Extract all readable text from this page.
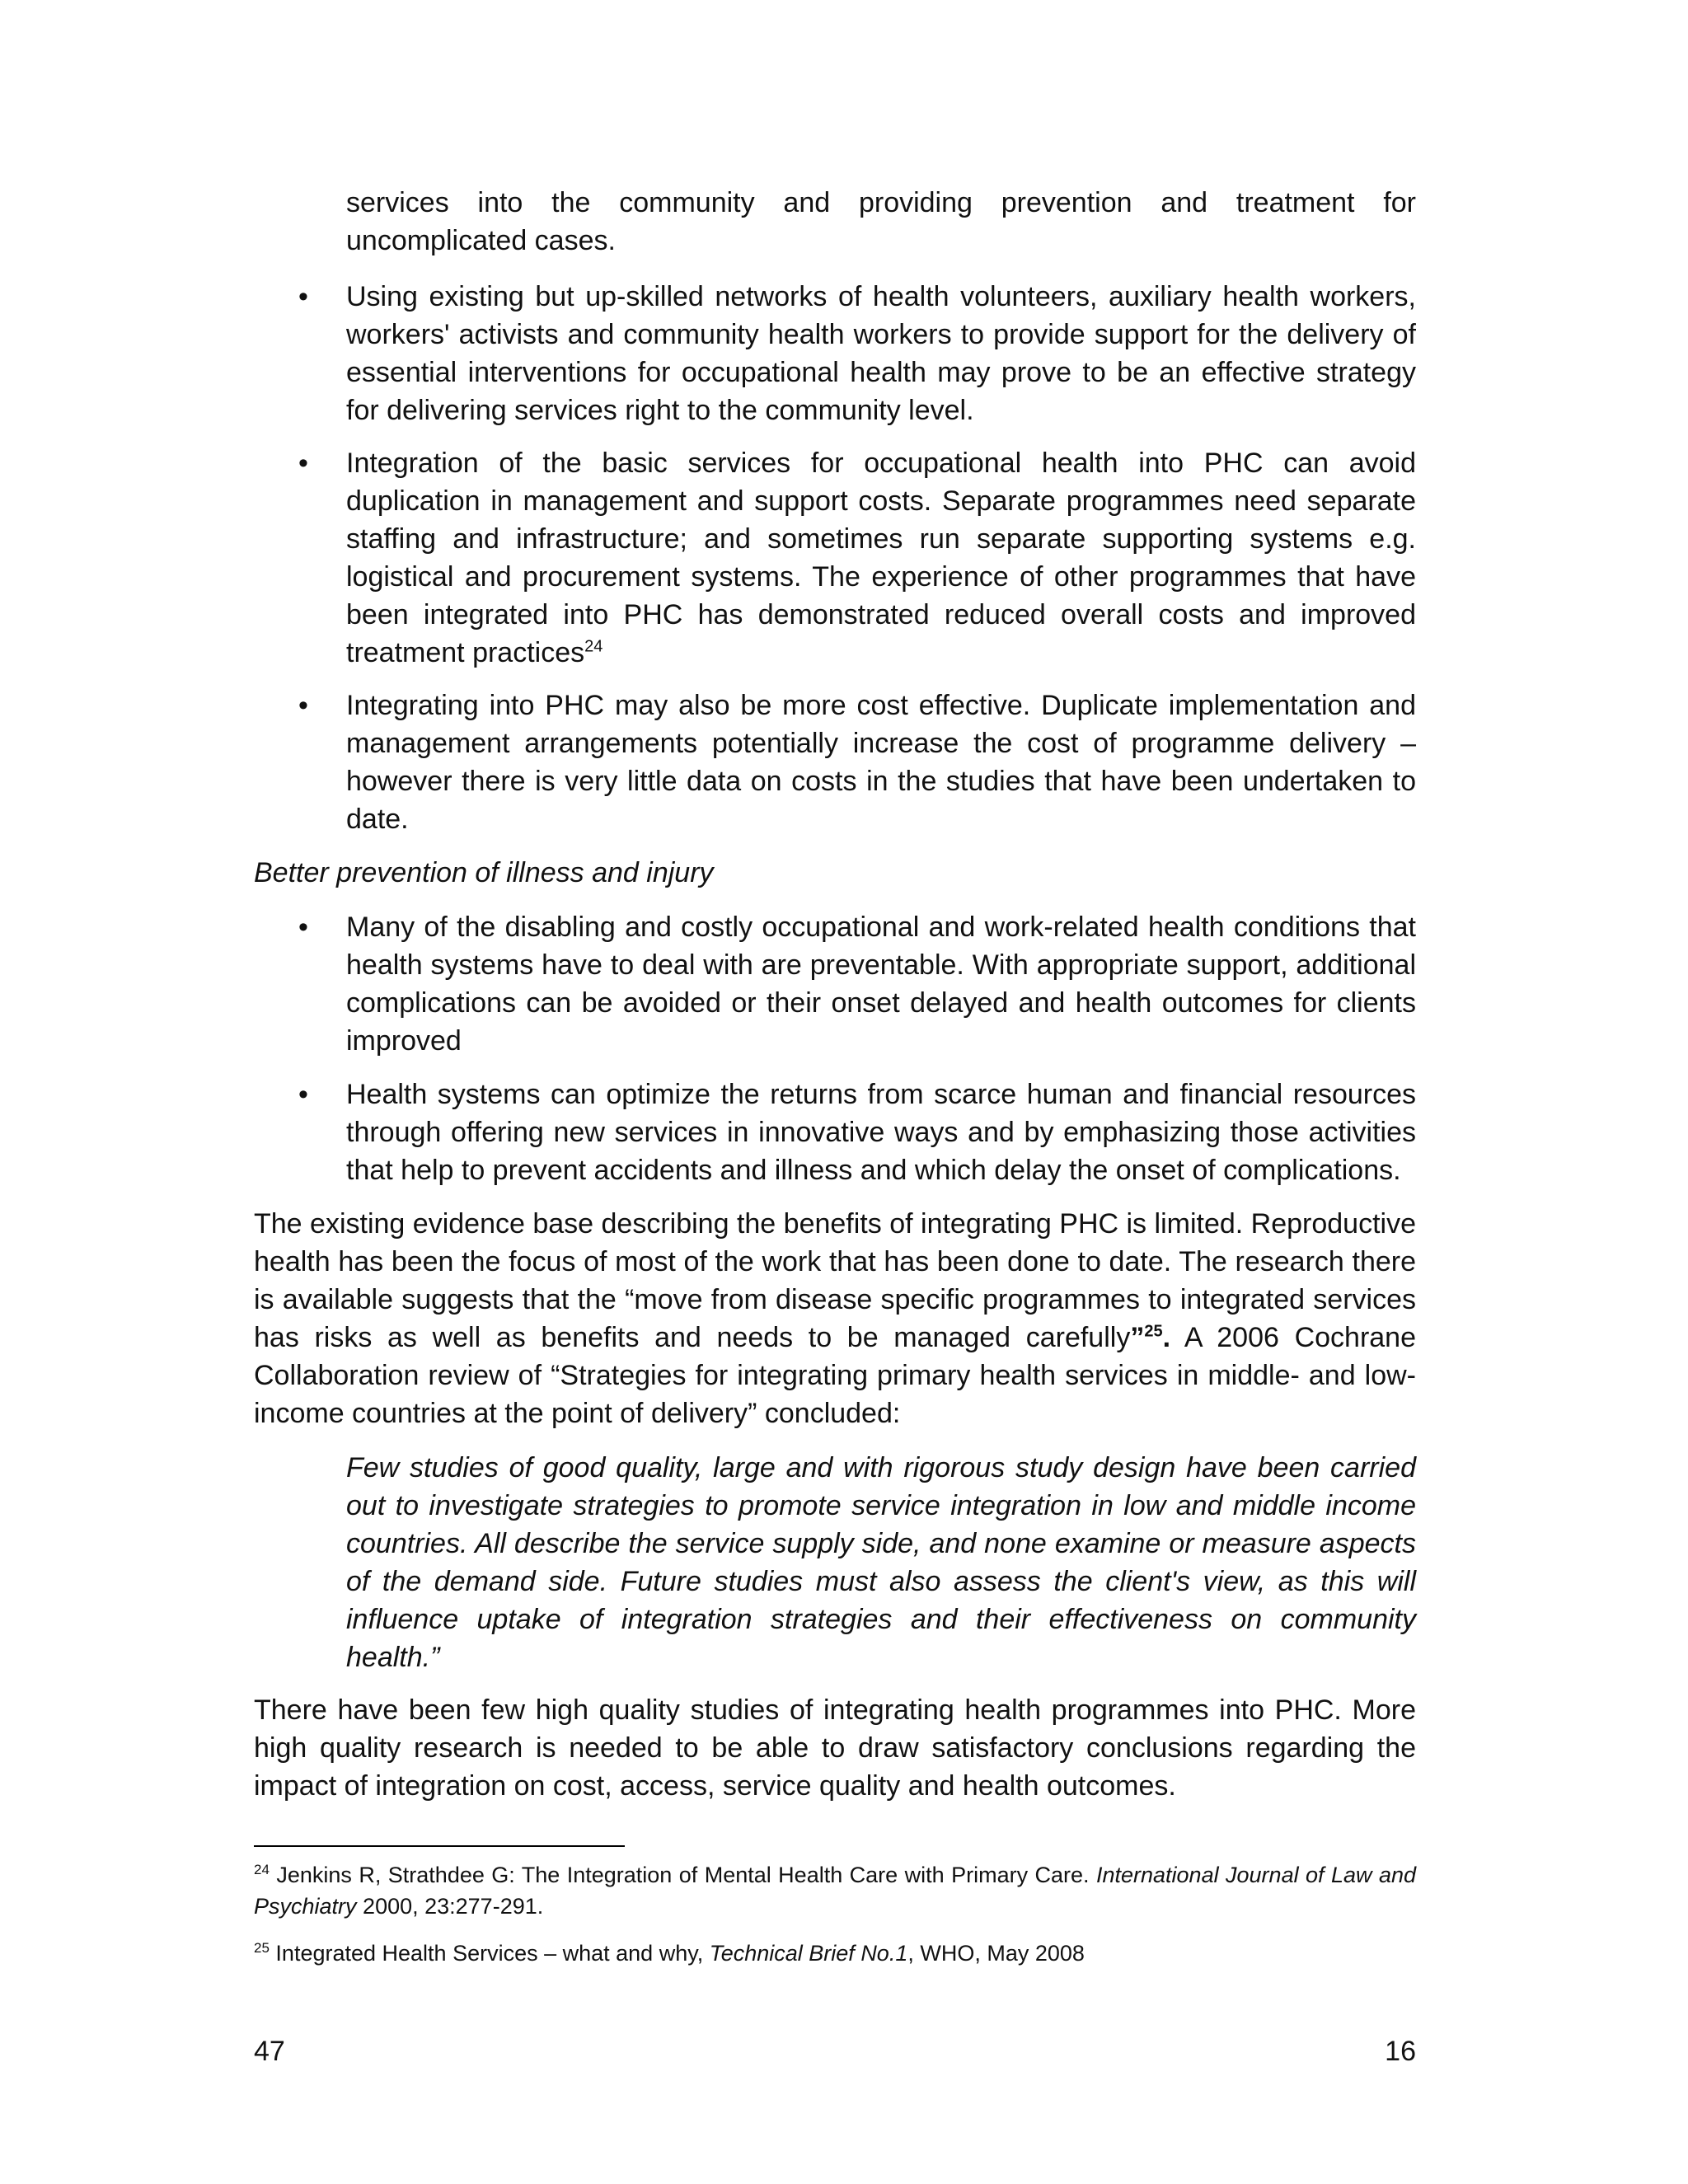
services into the community and providing prevention and treatment for uncomplicated cases.

• Using existing but up-skilled networks of health volunteers, auxiliary health workers, workers' activists and community health workers to provide support for the delivery of essential interventions for occupational health may prove to be an effective strategy for delivering services right to the community level.
• Integration of the basic services for occupational health into PHC can avoid duplication in management and support costs. Separate programmes need separate staffing and infrastructure; and sometimes run separate supporting systems e.g. logistical and procurement systems. The experience of other programmes that have been integrated into PHC has demonstrated reduced overall costs and improved treatment practices$^{24}$
• Integrating into PHC may also be more cost effective. Duplicate implementation and management arrangements potentially increase the cost of programme delivery – however there is very little data on costs in the studies that have been undertaken to date.

Better prevention of illness and injury

• Many of the disabling and costly occupational and work-related health conditions that health systems have to deal with are preventable. With appropriate support, additional complications can be avoided or their onset delayed and health outcomes for clients improved
• Health systems can optimize the returns from scarce human and financial resources through offering new services in innovative ways and by emphasizing those activities that help to prevent accidents and illness and which delay the onset of complications.

The existing evidence base describing the benefits of integrating PHC is limited. Reproductive health has been the focus of most of the work that has been done to date. The research there is available suggests that the “move from disease specific programmes to integrated services has risks as well as benefits and needs to be managed carefully”$^{25}$. A 2006 Cochrane Collaboration review of “Strategies for integrating primary health services in middle- and low-income countries at the point of delivery” concluded:

Few studies of good quality, large and with rigorous study design have been carried out to investigate strategies to promote service integration in low and middle income countries. All describe the service supply side, and none examine or measure aspects of the demand side. Future studies must also assess the client's view, as this will influence uptake of integration strategies and their effectiveness on community health.”

There have been few high quality studies of integrating health programmes into PHC. More high quality research is needed to be able to draw satisfactory conclusions regarding the impact of integration on cost, access, service quality and health outcomes.

$^{24}$ Jenkins R, Strathdee G: The Integration of Mental Health Care with Primary Care. International Journal of Law and Psychiatry 2000, 23:277-291.

$^{25}$ Integrated Health Services – what and why, Technical Brief No.1, WHO, May 2008

47	16
